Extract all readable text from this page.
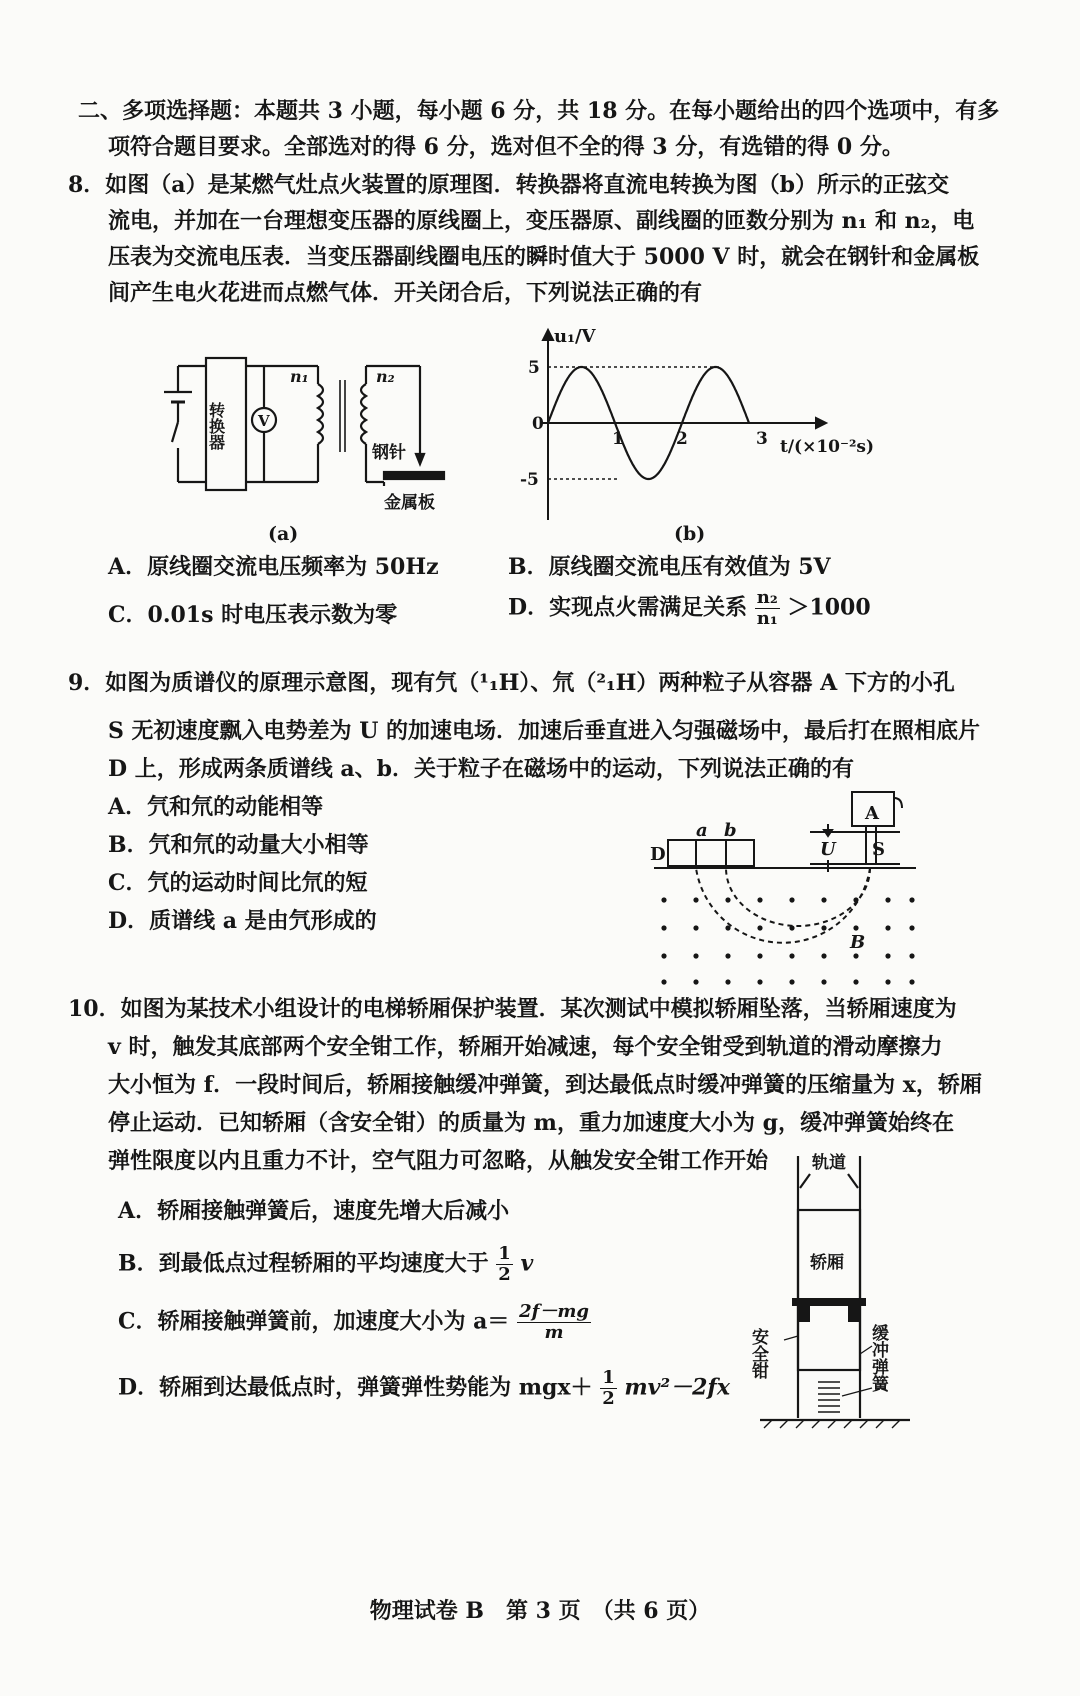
二、多项选择题：本题共 3 小题，每小题 6 分，共 18 分。在每小题给出的四个选项中，有多
项符合题目要求。全部选对的得 6 分，选对但不全的得 3 分，有选错的得 0 分。
8．如图（a）是某燃气灶点火装置的原理图．转换器将直流电转换为图（b）所示的正弦交
流电，并加在一台理想变压器的原线圈上，变压器原、副线圈的匝数分别为 n₁ 和 n₂，电
压表为交流电压表．当变压器副线圈电压的瞬时值大于 5000 V 时，就会在钢针和金属板
间产生电火花进而点燃气体．开关闭合后，下列说法正确的有
转换器 V
n₁	n₂
钢针
金属板
(a)
u₁/V
t/(×10⁻²s)
5
0
-5
1	2	3
(b)
A．原线圈交流电压频率为 50Hz	B．原线圈交流电压有效值为 5V
C．0.01s 时电压表示数为零	D．实现点火需满足关系 $\frac{\text{n₂}}{\text{n₁}} >1000$
9．如图为质谱仪的原理示意图，现有氕（¹₁H）、氘（²₁H）两种粒子从容器 A 下方的小孔
S 无初速度飘入电势差为 U 的加速电场．加速后垂直进入匀强磁场中，最后打在照相底片
D 上，形成两条质谱线 a、b．关于粒子在磁场中的运动，下列说法正确的有
A．氕和氘的动能相等
B．氕和氘的动量大小相等
C．氕的运动时间比氘的短
D．质谱线 a 是由氕形成的
A
S
U
D
a b
B
10．如图为某技术小组设计的电梯轿厢保护装置．某次测试中模拟轿厢坠落，当轿厢速度为
v 时，触发其底部两个安全钳工作，轿厢开始减速，每个安全钳受到轨道的滑动摩擦力
大小恒为 f．一段时间后，轿厢接触缓冲弹簧，到达最低点时缓冲弹簧的压缩量为 x，轿厢
停止运动．已知轿厢（含安全钳）的质量为 m，重力加速度大小为 g，缓冲弹簧始终在
弹性限度以内且重力不计，空气阻力可忽略，从触发安全钳工作开始
A．轿厢接触弹簧后，速度先增大后减小
B．到最低点过程轿厢的平均速度大于 $\frac{1}{2}$ v
C．轿厢接触弹簧前，加速度大小为 $a= \frac{2f-mg}{m}$
D．轿厢到达最低点时，弹簧弹性势能为 $mgx+ \frac{1}{2} mv^2-2fx$
轨道
轿厢
安全钳	缓冲弹簧
物理试卷 B　第 3 页　（共 6 页）
